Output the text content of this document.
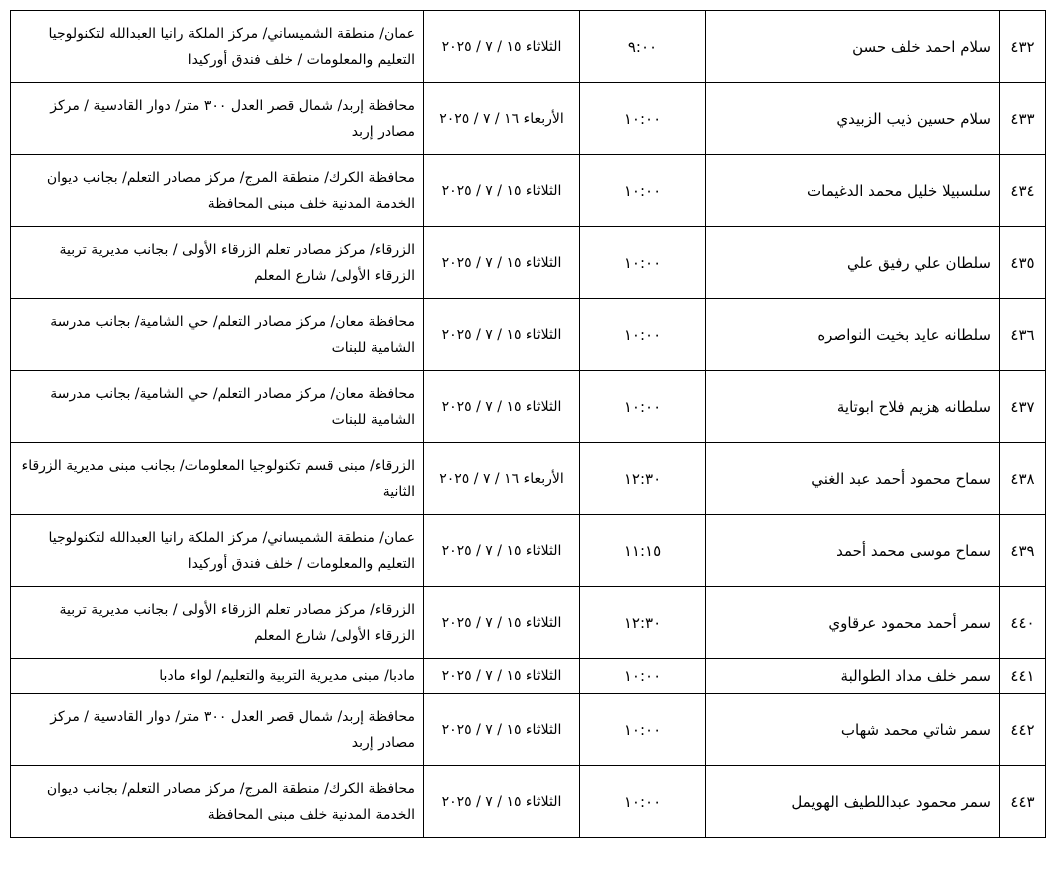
٤٣٢	سلام احمد خلف حسن	٩:٠٠	الثلاثاء ١٥ / ٧ / ٢٠٢٥	عمان/ منطقة الشميساني/ مركز الملكة رانيا العبدالله لتكنولوجيا التعليم والمعلومات / خلف فندق أوركيدا
٤٣٣	سلام حسين ذيب الزبيدي	١٠:٠٠	الأربعاء ١٦ / ٧ / ٢٠٢٥	محافظة إربد/ شمال قصر العدل ٣٠٠ متر/ دوار القادسية / مركز مصادر إربد
٤٣٤	سلسبيلا خليل محمد الدغيمات	١٠:٠٠	الثلاثاء ١٥ / ٧ / ٢٠٢٥	محافظة الكرك/ منطقة المرج/ مركز مصادر التعلم/ بجانب ديوان الخدمة المدنية خلف مبنى المحافظة
٤٣٥	سلطان علي رفيق علي	١٠:٠٠	الثلاثاء ١٥ / ٧ / ٢٠٢٥	الزرقاء/ مركز مصادر تعلم الزرقاء الأولى / بجانب مديرية تربية الزرقاء الأولى/ شارع المعلم
٤٣٦	سلطانه عايد بخيت النواصره	١٠:٠٠	الثلاثاء ١٥ / ٧ / ٢٠٢٥	محافظة معان/ مركز مصادر التعلم/ حي الشامية/ بجانب مدرسة الشامية للبنات
٤٣٧	سلطانه هزيم فلاح ابوتاية	١٠:٠٠	الثلاثاء ١٥ / ٧ / ٢٠٢٥	محافظة معان/ مركز مصادر التعلم/ حي الشامية/ بجانب مدرسة الشامية للبنات
٤٣٨	سماح محمود أحمد عبد الغني	١٢:٣٠	الأربعاء ١٦ / ٧ / ٢٠٢٥	الزرقاء/ مبنى قسم تكنولوجيا المعلومات/ بجانب مبنى مديرية الزرقاء الثانية
٤٣٩	سماح موسى محمد أحمد	١١:١٥	الثلاثاء ١٥ / ٧ / ٢٠٢٥	عمان/ منطقة الشميساني/ مركز الملكة رانيا العبدالله لتكنولوجيا التعليم والمعلومات / خلف فندق أوركيدا
٤٤٠	سمر أحمد محمود عرقاوي	١٢:٣٠	الثلاثاء ١٥ / ٧ / ٢٠٢٥	الزرقاء/ مركز مصادر تعلم الزرقاء الأولى / بجانب مديرية تربية الزرقاء الأولى/ شارع المعلم
٤٤١	سمر خلف مداد الطوالبة	١٠:٠٠	الثلاثاء ١٥ / ٧ / ٢٠٢٥	مادبا/ مبنى مديرية التربية والتعليم/ لواء مادبا
٤٤٢	سمر شاتي محمد شهاب	١٠:٠٠	الثلاثاء ١٥ / ٧ / ٢٠٢٥	محافظة إربد/ شمال قصر العدل ٣٠٠ متر/ دوار القادسية / مركز مصادر إربد
٤٤٣	سمر محمود عبداللطيف الهويمل	١٠:٠٠	الثلاثاء ١٥ / ٧ / ٢٠٢٥	محافظة الكرك/ منطقة المرج/ مركز مصادر التعلم/ بجانب ديوان الخدمة المدنية خلف مبنى المحافظة
